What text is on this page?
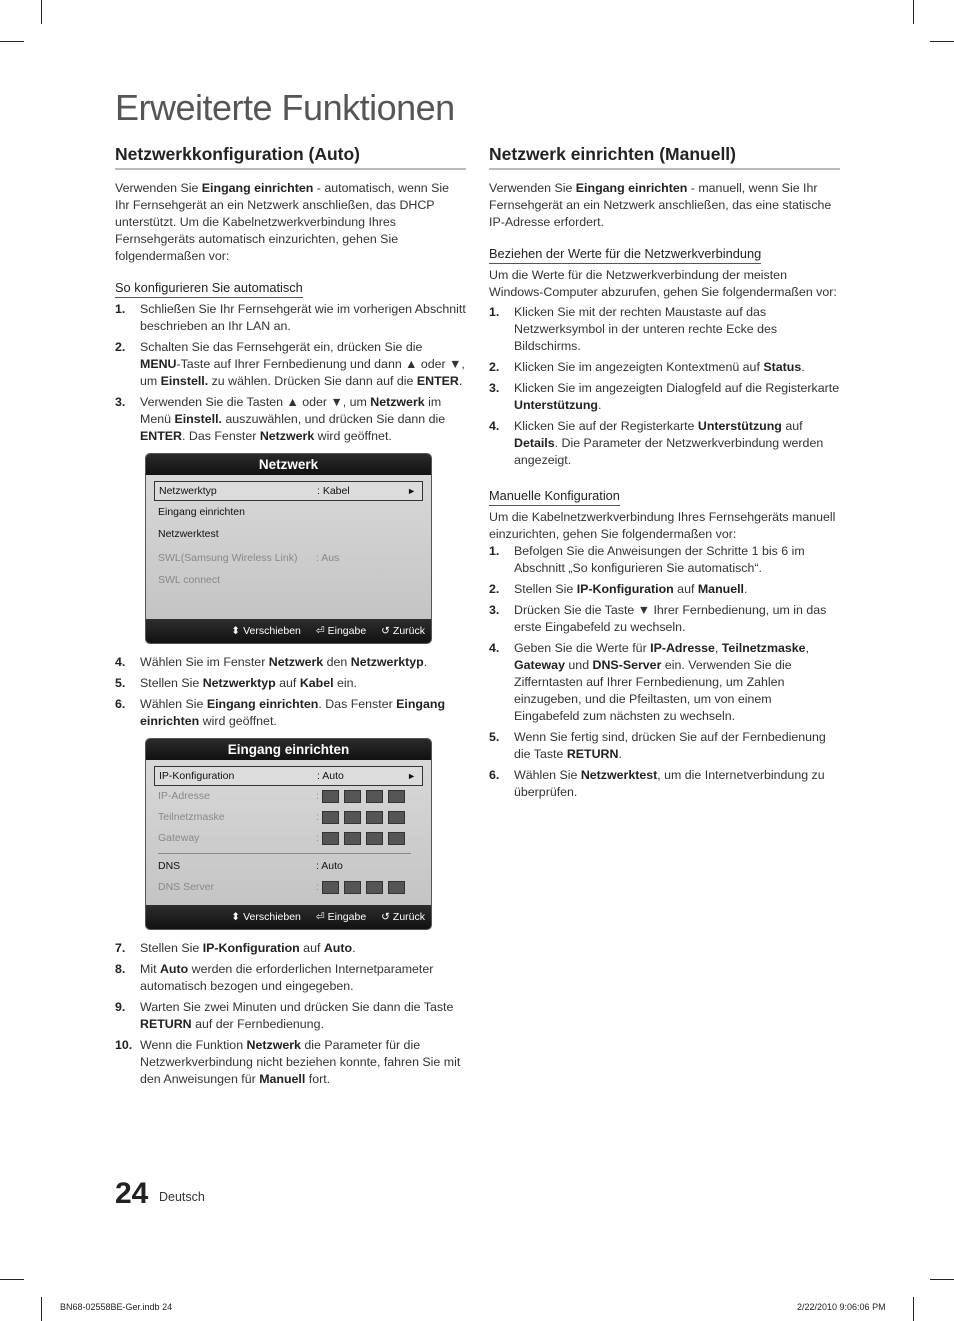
Erweiterte Funktionen
Netzwerkkonfiguration (Auto)

Verwenden Sie Eingang einrichten - automatisch, wenn Sie Ihr Fernsehgerät an ein Netzwerk anschließen, das DHCP unterstützt. Um die Kabelnetzwerkverbindung Ihres Fernsehgeräts automatisch einzurichten, gehen Sie folgendermaßen vor:

So konfigurieren Sie automatisch
1. Schließen Sie Ihr Fernsehgerät wie im vorherigen Abschnitt beschrieben an Ihr LAN an.
2. Schalten Sie das Fernsehgerät ein, drücken Sie die MENU-Taste auf Ihrer Fernbedienung und dann ▲ oder ▼, um Einstell. zu wählen. Drücken Sie dann auf die ENTER.
3. Verwenden Sie die Tasten ▲ oder ▼, um Netzwerk im Menü Einstell. auszuwählen, und drücken Sie dann die ENTER. Das Fenster Netzwerk wird geöffnet.
Netzwerk
Netzwerktyp	: Kabel	►
Eingang einrichten
Netzwerktest
SWL(Samsung Wireless Link) : Aus
SWL connect
⬍ Verschieben ⏎ Eingabe ↺ Zurück
4. Wählen Sie im Fenster Netzwerk den Netzwerktyp.
5. Stellen Sie Netzwerktyp auf Kabel ein.
6. Wählen Sie Eingang einrichten. Das Fenster Eingang einrichten wird geöffnet.
Eingang einrichten
IP-Konfiguration	: Auto	►
IP-Adresse	:
Teilnetzmaske	:
Gateway	:
DNS	: Auto
DNS Server	:
⬍ Verschieben ⏎ Eingabe ↺ Zurück
7. Stellen Sie IP-Konfiguration auf Auto.
8. Mit Auto werden die erforderlichen Internetparameter automatisch bezogen und eingegeben.
9. Warten Sie zwei Minuten und drücken Sie dann die Taste RETURN auf der Fernbedienung.
10. Wenn die Funktion Netzwerk die Parameter für die Netzwerkverbindung nicht beziehen konnte, fahren Sie mit den Anweisungen für Manuell fort.
Netzwerk einrichten (Manuell)

Verwenden Sie Eingang einrichten - manuell, wenn Sie Ihr Fernsehgerät an ein Netzwerk anschließen, das eine statische IP-Adresse erfordert.

Beziehen der Werte für die Netzwerkverbindung

Um die Werte für die Netzwerkverbindung der meisten Windows-Computer abzurufen, gehen Sie folgendermaßen vor:

1. Klicken Sie mit der rechten Maustaste auf das Netzwerksymbol in der unteren rechte Ecke des Bildschirms.
2. Klicken Sie im angezeigten Kontextmenü auf Status.
3. Klicken Sie im angezeigten Dialogfeld auf die Registerkarte Unterstützung.
4. Klicken Sie auf der Registerkarte Unterstützung auf Details. Die Parameter der Netzwerkverbindung werden angezeigt.
Manuelle Konfiguration

Um die Kabelnetzwerkverbindung Ihres Fernsehgeräts manuell einzurichten, gehen Sie folgendermaßen vor:

1. Befolgen Sie die Anweisungen der Schritte 1 bis 6 im Abschnitt „So konfigurieren Sie automatisch“.
2. Stellen Sie IP-Konfiguration auf Manuell.
3. Drücken Sie die Taste ▼ Ihrer Fernbedienung, um in das erste Eingabefeld zu wechseln.
4. Geben Sie die Werte für IP-Adresse, Teilnetzmaske, Gateway und DNS-Server ein. Verwenden Sie die Zifferntasten auf Ihrer Fernbedienung, um Zahlen einzugeben, und die Pfeiltasten, um von einem Eingabefeld zum nächsten zu wechseln.
5. Wenn Sie fertig sind, drücken Sie auf der Fernbedienung die Taste RETURN.
6. Wählen Sie Netzwerktest, um die Internetverbindung zu überprüfen.
24 Deutsch
BN68-02558BE-Ger.indb 24	2/22/2010 9:06:06 PM
